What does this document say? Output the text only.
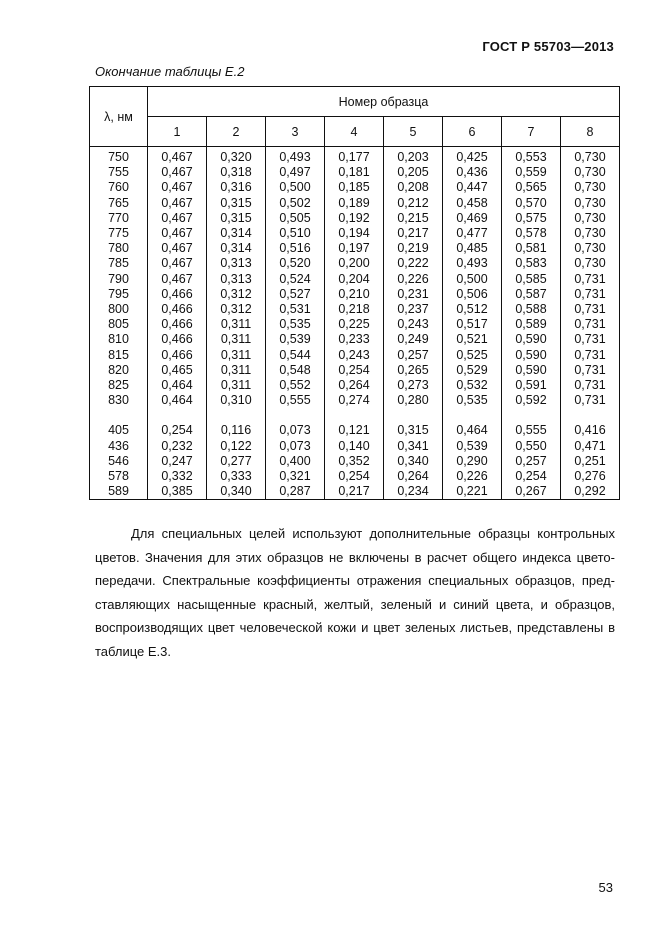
ГОСТ Р 55703—2013
Окончание таблицы Е.2
λ, нм	Номер образца							
	1	2	3	4	5	6	7	8
750	0,467	0,320	0,493	0,177	0,203	0,425	0,553	0,730
755	0,467	0,318	0,497	0,181	0,205	0,436	0,559	0,730
760	0,467	0,316	0,500	0,185	0,208	0,447	0,565	0,730
765	0,467	0,315	0,502	0,189	0,212	0,458	0,570	0,730
770	0,467	0,315	0,505	0,192	0,215	0,469	0,575	0,730
775	0,467	0,314	0,510	0,194	0,217	0,477	0,578	0,730
780	0,467	0,314	0,516	0,197	0,219	0,485	0,581	0,730
785	0,467	0,313	0,520	0,200	0,222	0,493	0,583	0,730
790	0,467	0,313	0,524	0,204	0,226	0,500	0,585	0,731
795	0,466	0,312	0,527	0,210	0,231	0,506	0,587	0,731
800	0,466	0,312	0,531	0,218	0,237	0,512	0,588	0,731
805	0,466	0,311	0,535	0,225	0,243	0,517	0,589	0,731
810	0,466	0,311	0,539	0,233	0,249	0,521	0,590	0,731
815	0,466	0,311	0,544	0,243	0,257	0,525	0,590	0,731
820	0,465	0,311	0,548	0,254	0,265	0,529	0,590	0,731
825	0,464	0,311	0,552	0,264	0,273	0,532	0,591	0,731
830	0,464	0,310	0,555	0,274	0,280	0,535	0,592	0,731

405	0,254	0,116	0,073	0,121	0,315	0,464	0,555	0,416
436	0,232	0,122	0,073	0,140	0,341	0,539	0,550	0,471
546	0,247	0,277	0,400	0,352	0,340	0,290	0,257	0,251
578	0,332	0,333	0,321	0,254	0,264	0,226	0,254	0,276
589	0,385	0,340	0,287	0,217	0,234	0,221	0,267	0,292

Для специальных целей используют дополнительные образцы контрольных цветов. Значения для этих образцов не включены в расчет общего индекса цвето-передачи. Спектральные коэффициенты отражения специальных образцов, пред-ставляющих насыщенные красный, желтый, зеленый и синий цвета, и образцов, воспроизводящих цвет человеческой кожи и цвет зеленых листьев, представлены в таблице Е.3.

53
